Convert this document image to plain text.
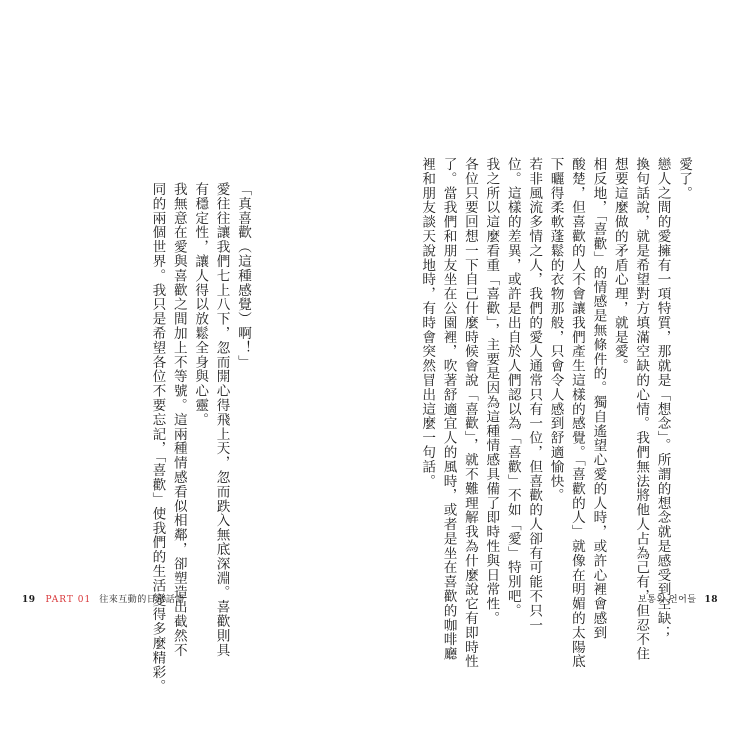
「真喜歡（這種感覺）啊！」

愛往往讓我們七上八下，忽而開心得飛上天，忽而跌入無底深淵。喜歡則具

有穩定性，讓人得以放鬆全身與心靈。

我無意在愛與喜歡之間加上不等號。這兩種情感看似相鄰，卻塑造出截然不

同的兩個世界。我只是希望各位不要忘記，「喜歡」使我們的生活變得多麼精彩。

19 PART 01 往來互動的日常話語

愛了。

戀人之間的愛擁有一項特質，那就是「想念」。所謂的想念就是感受到空缺；

換句話說，就是希望對方填滿空缺的心情。我們無法將他人占為己有，但忍不住

想要這麼做的矛盾心理，就是愛。

相反地，「喜歡」的情感是無條件的。獨自遙望心愛的人時，或許心裡會感到

酸楚，但喜歡的人不會讓我們產生這樣的感覺。「喜歡的人」就像在明媚的太陽底

下曬得柔軟蓬鬆的衣物那般，只會令人感到舒適愉快。

若非風流多情之人，我們的愛人通常只有一位，但喜歡的人卻有可能不只一

位。這樣的差異，或許是出自於人們認以為「喜歡」不如「愛」特別吧。

我之所以這麼看重「喜歡」，主要是因為這種情感具備了即時性與日常性。

各位只要回想一下自己什麼時候會說「喜歡」，就不難理解我為什麼說它有即時性

了。當我們和朋友坐在公園裡，吹著舒適宜人的風時，或者是坐在喜歡的咖啡廳

裡和朋友談天說地時，有時會突然冒出這麼一句話。

보통의 언어들 18
